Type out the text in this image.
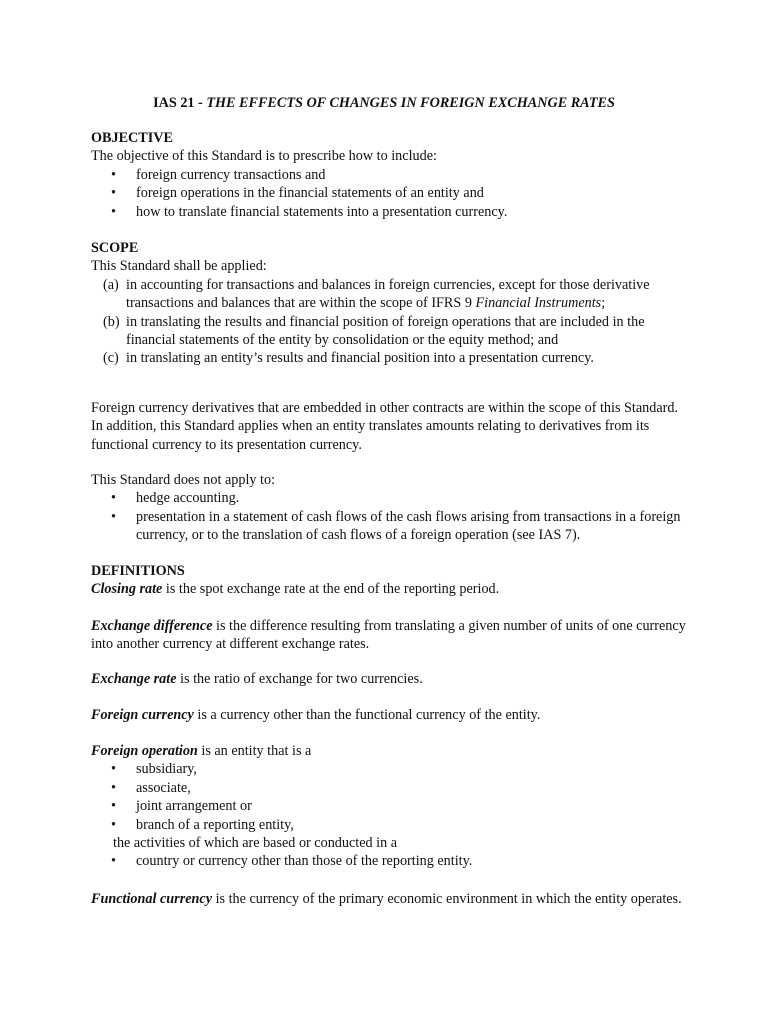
IAS 21 - THE EFFECTS OF CHANGES IN FOREIGN EXCHANGE RATES
OBJECTIVE
The objective of this Standard is to prescribe how to include:
• foreign currency transactions and
• foreign operations in the financial statements of an entity and
• how to translate financial statements into a presentation currency.
SCOPE
This Standard shall be applied:
(a) in accounting for transactions and balances in foreign currencies, except for those derivative transactions and balances that are within the scope of IFRS 9 Financial Instruments;
(b) in translating the results and financial position of foreign operations that are included in the financial statements of the entity by consolidation or the equity method; and
(c) in translating an entity’s results and financial position into a presentation currency.
Foreign currency derivatives that are embedded in other contracts are within the scope of this Standard. In addition, this Standard applies when an entity translates amounts relating to derivatives from its functional currency to its presentation currency.
This Standard does not apply to:
• hedge accounting.
• presentation in a statement of cash flows of the cash flows arising from transactions in a foreign currency, or to the translation of cash flows of a foreign operation (see IAS 7).
DEFINITIONS
Closing rate is the spot exchange rate at the end of the reporting period.
Exchange difference is the difference resulting from translating a given number of units of one currency into another currency at different exchange rates.
Exchange rate is the ratio of exchange for two currencies.
Foreign currency is a currency other than the functional currency of the entity.
Foreign operation is an entity that is a
• subsidiary,
• associate,
• joint arrangement or
• branch of a reporting entity,
the activities of which are based or conducted in a
• country or currency other than those of the reporting entity.
Functional currency is the currency of the primary economic environment in which the entity operates.
